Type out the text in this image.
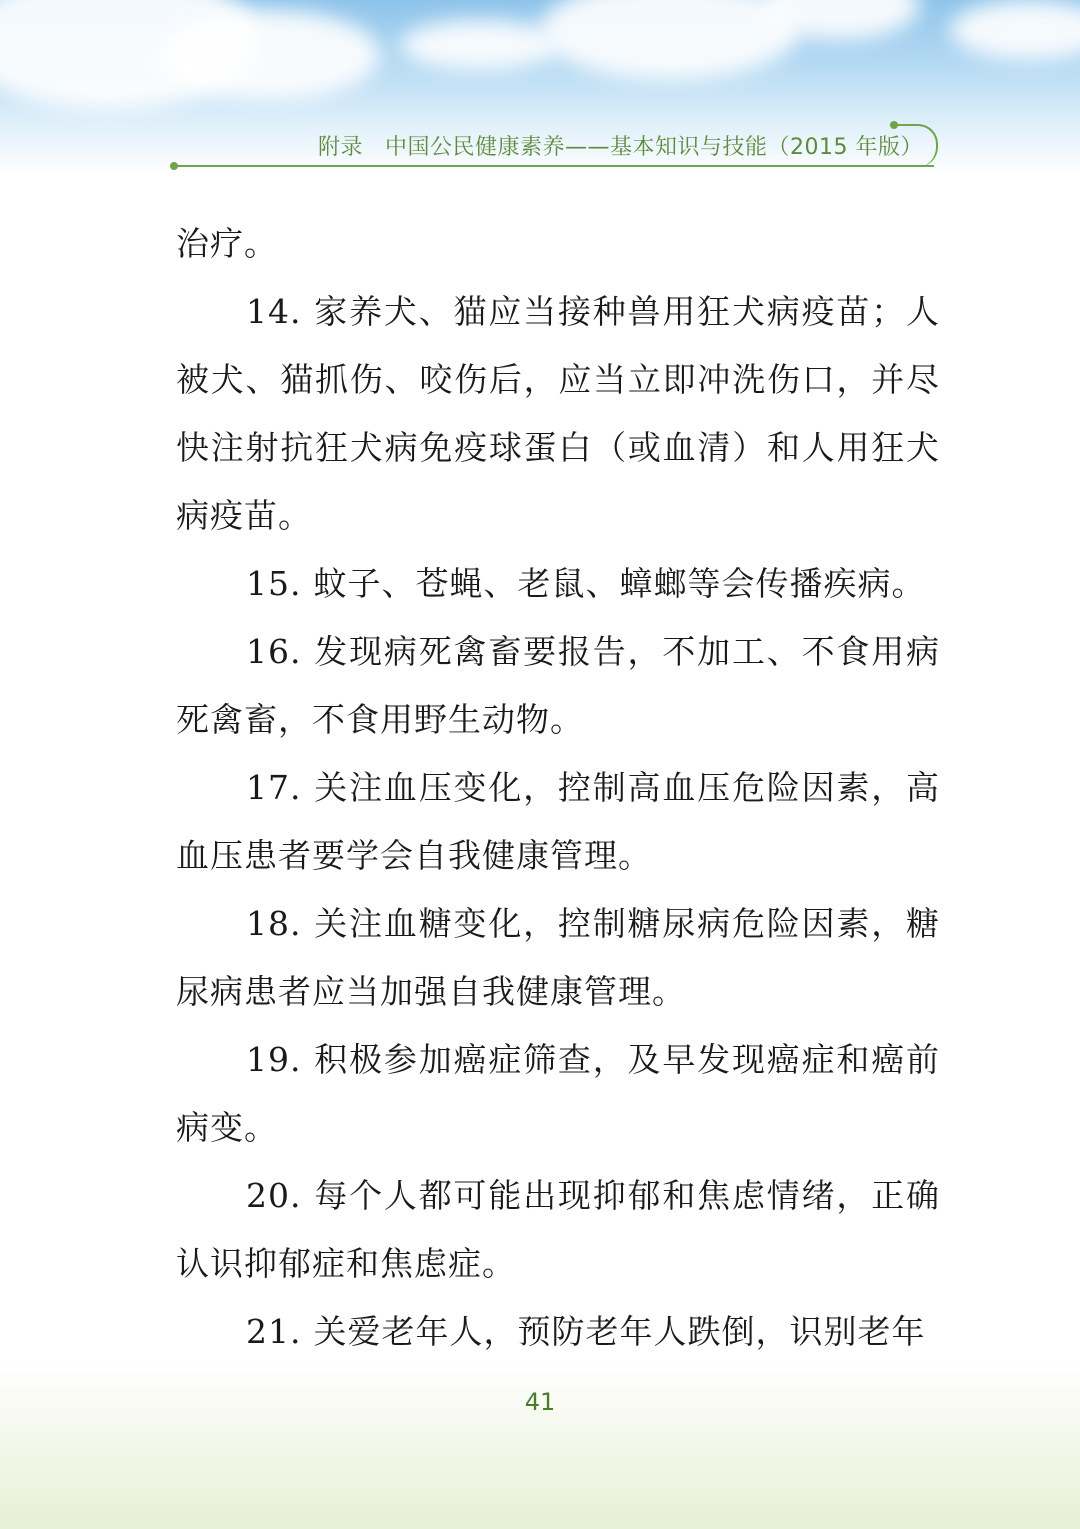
附录 中国公民健康素养——基本知识与技能（2015 年版）

治疗。

14. 家养犬、猫应当接种兽用狂犬病疫苗；人被犬、猫抓伤、咬伤后，应当立即冲洗伤口，并尽快注射抗狂犬病免疫球蛋白（或血清）和人用狂犬病疫苗。

15. 蚊子、苍蝇、老鼠、蟑螂等会传播疾病。

16. 发现病死禽畜要报告，不加工、不食用病死禽畜，不食用野生动物。

17. 关注血压变化，控制高血压危险因素，高血压患者要学会自我健康管理。

18. 关注血糖变化，控制糖尿病危险因素，糖尿病患者应当加强自我健康管理。

19. 积极参加癌症筛查，及早发现癌症和癌前病变。

20. 每个人都可能出现抑郁和焦虑情绪，正确认识抑郁症和焦虑症。

21. 关爱老年人，预防老年人跌倒，识别老年

41
